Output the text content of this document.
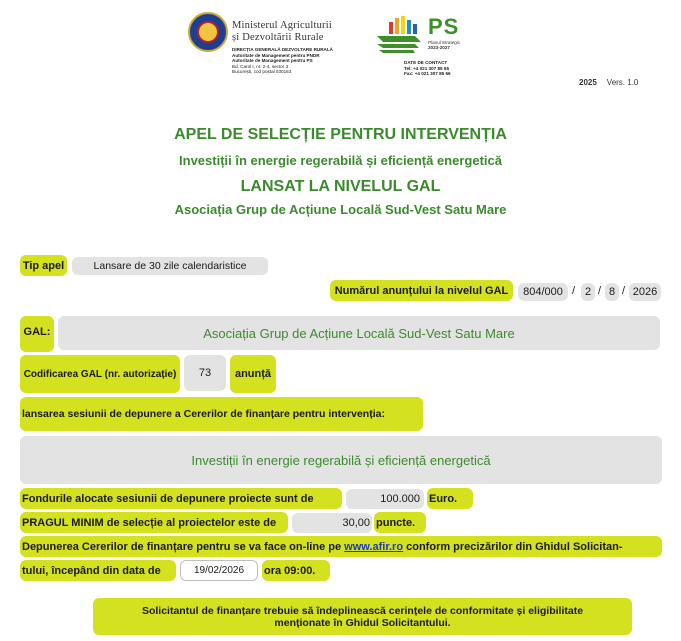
Ministerul Agriculturii
și Dezvoltării Rurale
DIRECȚIA GENERALĂ DEZVOLTARE RURALĂ
Autoritate de Management pentru PNDR
Autoritate de Management pentru PS
Bd. Carol I, nr. 2-4, sector 3
București, cod poștal 030163
PS
Planul Strategic
2023-2027
DATE DE CONTACT
Tel: +4 021 307 85 65
Fax: +4 021 307 85 66
2025 Vers. 1.0
APEL DE SELECȚIE PENTRU INTERVENȚIA
Investiții în energie regerabilă și eficiență energetică
LANSAT LA NIVELUL GAL
Asociația Grup de Acțiune Locală Sud-Vest Satu Mare
Tip apel	Lansare de 30 zile calendaristice
Numărul anunțului la nivelul GAL	804/000 / 2 / 8 / 2026
GAL:	Asociația Grup de Acțiune Locală Sud-Vest Satu Mare
Codificarea GAL (nr. autorizație)	73	anunță
lansarea sesiunii de depunere a Cererilor de finanțare pentru intervenția:
Investiții în energie regerabilă și eficiență energetică
Fondurile alocate sesiunii de depunere proiecte sunt de	100.000 Euro.
PRAGUL MINIM de selecție al proiectelor este de	30,00 puncte.
Depunerea Cererilor de finanțare pentru se va face on-line pe
www.afir.ro
conform precizărilor din Ghidul Solicitan-
tului, începând din data de	19/02/2026	ora 09:00.
Solicitantul de finanțare trebuie să îndeplinească cerințele de conformitate și eligibilitate
menționate în Ghidul Solicitantului.
